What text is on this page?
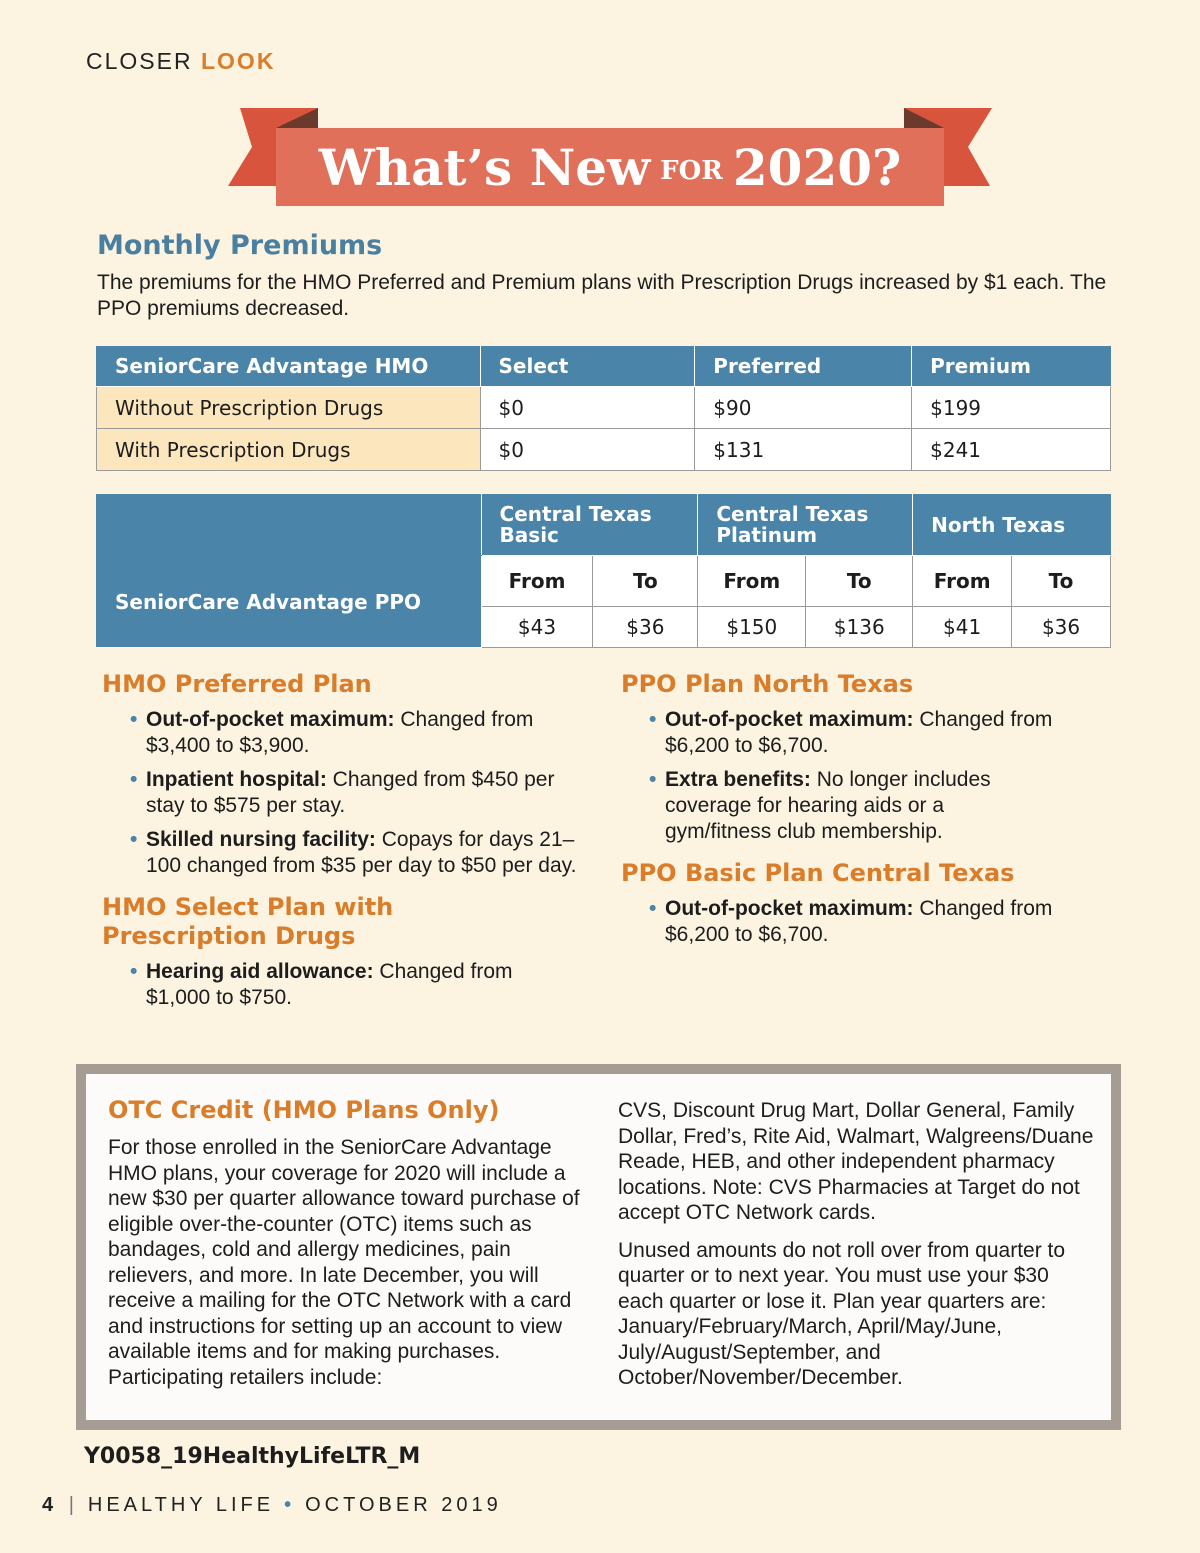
CLOSER LOOK
What’s New FOR 2020?
Monthly Premiums
The premiums for the HMO Preferred and Premium plans with Prescription Drugs increased by $1 each. The PPO premiums decreased.
SeniorCare Advantage HMO	Select	Preferred	Premium
Without Prescription Drugs	$0	$90	$199
With Prescription Drugs	$0	$131	$241
	Central Texas Basic		Central Texas Platinum		North Texas	
SeniorCare Advantage PPO	From	To	From	To	From	To
	$43	$36	$150	$136	$41	$36
HMO Preferred Plan
• Out-of-pocket maximum: Changed from $3,400 to $3,900.
• Inpatient hospital: Changed from $450 per stay to $575 per stay.
• Skilled nursing facility: Copays for days 21–100 changed from $35 per day to $50 per day.
HMO Select Plan with Prescription Drugs
• Hearing aid allowance: Changed from $1,000 to $750.
PPO Plan North Texas
• Out-of-pocket maximum: Changed from $6,200 to $6,700.
• Extra benefits: No longer includes coverage for hearing aids or a gym/fitness club membership.
PPO Basic Plan Central Texas
• Out-of-pocket maximum: Changed from $6,200 to $6,700.
OTC Credit (HMO Plans Only)

For those enrolled in the SeniorCare Advantage HMO plans, your coverage for 2020 will include a new $30 per quarter allowance toward purchase of eligible over-the-counter (OTC) items such as bandages, cold and allergy medicines, pain relievers, and more. In late December, you will receive a mailing for the OTC Network with a card and instructions for setting up an account to view available items and for making purchases. Participating retailers include:

CVS, Discount Drug Mart, Dollar General, Family Dollar, Fred’s, Rite Aid, Walmart, Walgreens/Duane Reade, HEB, and other independent pharmacy locations. Note: CVS Pharmacies at Target do not accept OTC Network cards.

Unused amounts do not roll over from quarter to quarter or to next year. You must use your $30 each quarter or lose it. Plan year quarters are: January/February/March, April/May/June, July/August/September, and October/November/December.

Y0058_19HealthyLifeLTR_M
4 | HEALTHY LIFE • OCTOBER 2019
